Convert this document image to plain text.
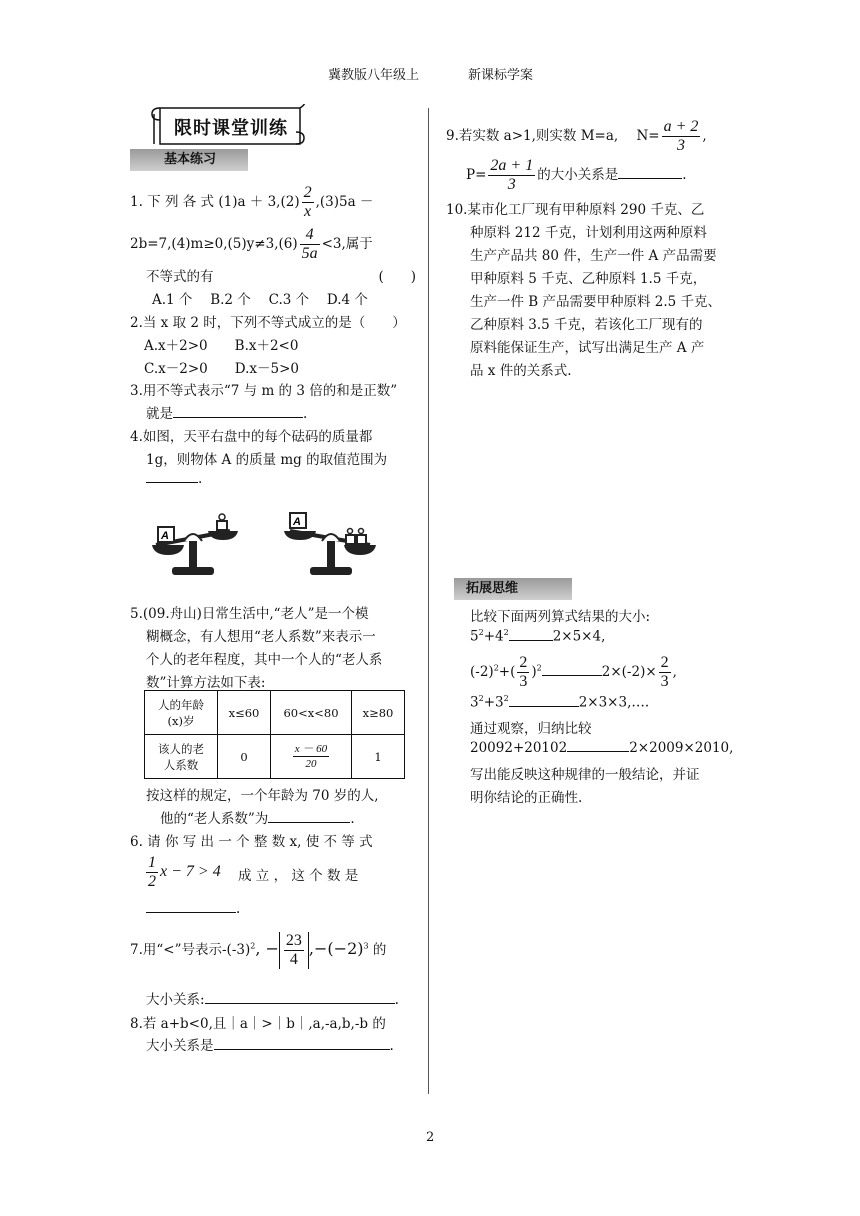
冀教版八年级上	新课标学案
限时课堂训练
基本练习
1. 下 列 各 式 $(1)a + 3,(2) \frac{2}{x} ,(3)5a$ －
$2b=7,(4)m\ge 0,(5)y\ne 3,(6) \frac{4}{5a} <3$,属于
不等式的有	(　　)
A.1 个　 B.2 个　 C.3 个　 D.4 个
2.当 x 取 2 时，下列不等式成立的是（　　）
A.x＋2>0　　B.x＋2<0
C.x－2>0　　D.x－5>0
3.用不等式表示“7 与 m 的 3 倍的和是正数”
就是	.
4.如图，天平右盘中的每个砝码的质量都
1g，则物体 A 的质量 mg 的取值范围为
.
A
A
5.(09.舟山)日常生活中,“老人”是一个模
糊概念，有人想用“老人系数”来表示一
个人的老年程度，其中一个人的“老人系
数”计算方法如下表:
人的年龄
(x)岁	x≤60	60<x<80	x≥80
该人的老
人系数	0	$\frac{x - 60}{20}$	1
按这样的规定，一个年龄为 70 岁的人,
他的“老人系数”为	.
6. 请 你 写 出 一 个 整 数 x, 使 不 等 式
$\frac{1}{2}$ x − 7 > 4 成 立 ， 这 个 数 是
.
7.用“<”号表示$-(-3)^2$, − $\frac{23}{4} ,-(-2)^3$ 的
大小关系:	.
8.若 a+b<0,且｜a｜>｜b｜,a,-a,b,-b 的
大小关系是	.
9.若实数 a>1,则实数 M=a, $N= \frac{a + 2}{3}$ ,
$P= \frac{2a + 1}{3}$ 的大小关系是	.
10.某市化工厂现有甲种原料 290 千克、乙
种原料 212 千克，计划利用这两种原料
生产产品共 80 件，生产一件 A 产品需要
甲种原料 5 千克、乙种原料 1.5 千克，
生产一件 B 产品需要甲种原料 2.5 千克、
乙种原料 3.5 千克，若该化工厂现有的
原料能保证生产，试写出满足生产 A 产
品 x 件的关系式.
拓展思维
比较下面两列算式结果的大小:
$5^2+4^2$	2×5×4,
$(-2)^2+( \frac{2}{3} )^2$	$2\times(-2)\times \frac{2}{3}$ ,
$3^2+3^2$	2×3×3,….
通过观察，归纳比较
20092+20102	2×2009×2010,
写出能反映这种规律的一般结论，并证
明你结论的正确性.
2
